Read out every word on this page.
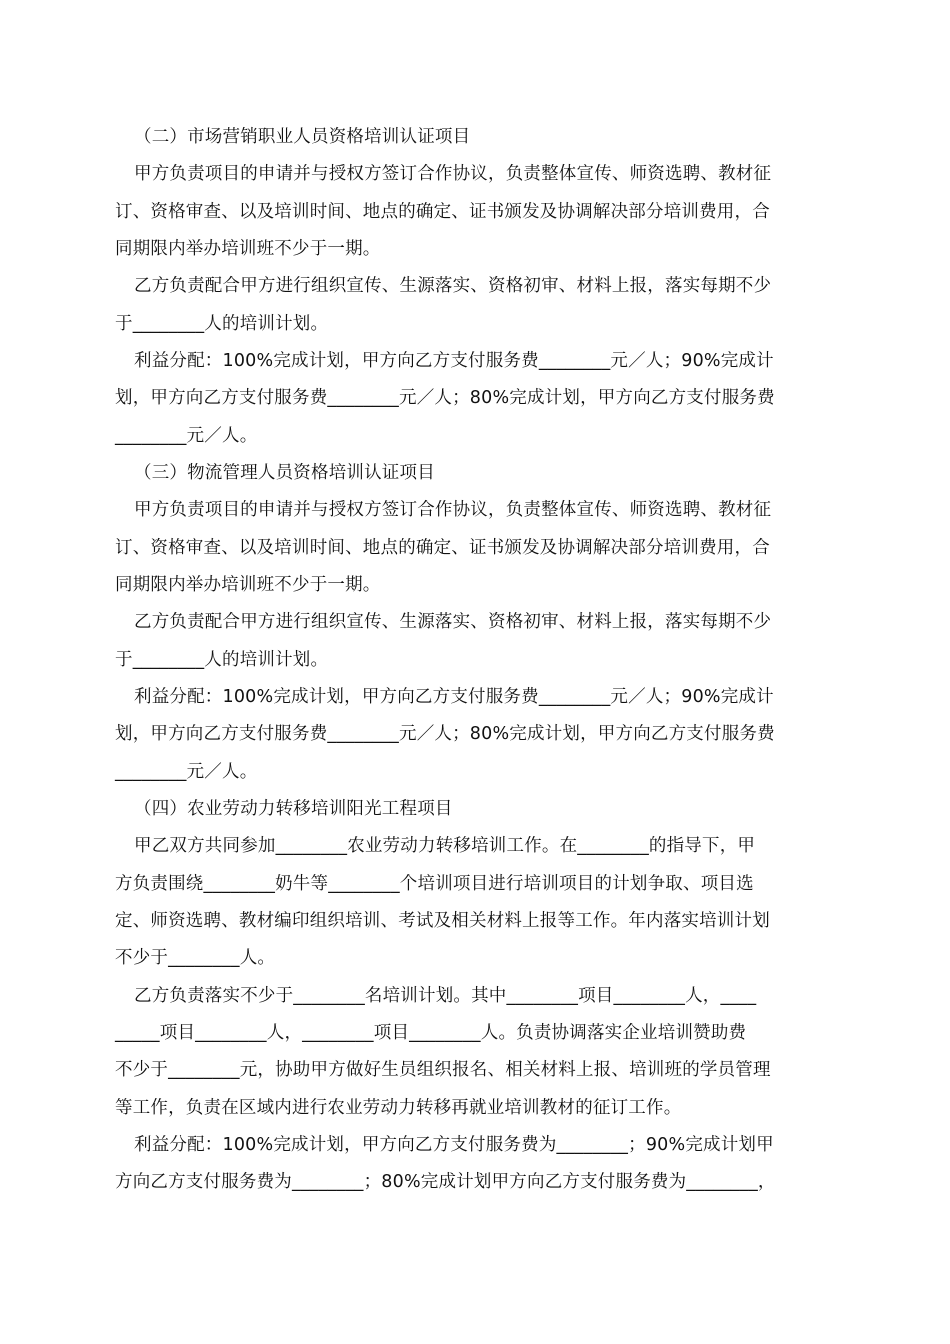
（二）市场营销职业人员资格培训认证项目
甲方负责项目的申请并与授权方签订合作协议，负责整体宣传、师资选聘、教材征
订、资格审查、以及培训时间、地点的确定、证书颁发及协调解决部分培训费用，合
同期限内举办培训班不少于一期。
乙方负责配合甲方进行组织宣传、生源落实、资格初审、材料上报，落实每期不少
于________人的培训计划。
利益分配：100%完成计划，甲方向乙方支付服务费________元／人；90%完成计
划，甲方向乙方支付服务费________元／人；80%完成计划，甲方向乙方支付服务费
________元／人。
（三）物流管理人员资格培训认证项目
甲方负责项目的申请并与授权方签订合作协议，负责整体宣传、师资选聘、教材征
订、资格审查、以及培训时间、地点的确定、证书颁发及协调解决部分培训费用，合
同期限内举办培训班不少于一期。
乙方负责配合甲方进行组织宣传、生源落实、资格初审、材料上报，落实每期不少
于________人的培训计划。
利益分配：100%完成计划，甲方向乙方支付服务费________元／人；90%完成计
划，甲方向乙方支付服务费________元／人；80%完成计划，甲方向乙方支付服务费
________元／人。
（四）农业劳动力转移培训阳光工程项目
甲乙双方共同参加________农业劳动力转移培训工作。在________的指导下，甲
方负责围绕________奶牛等________个培训项目进行培训项目的计划争取、项目选
定、师资选聘、教材编印组织培训、考试及相关材料上报等工作。年内落实培训计划
不少于________人。
乙方负责落实不少于________名培训计划。其中________项目________人，____
_____项目________人，________项目________人。负责协调落实企业培训赞助费
不少于________元，协助甲方做好生员组织报名、相关材料上报、培训班的学员管理
等工作，负责在区域内进行农业劳动力转移再就业培训教材的征订工作。
利益分配：100%完成计划，甲方向乙方支付服务费为________；90%完成计划甲
方向乙方支付服务费为________；80%完成计划甲方向乙方支付服务费为________，
